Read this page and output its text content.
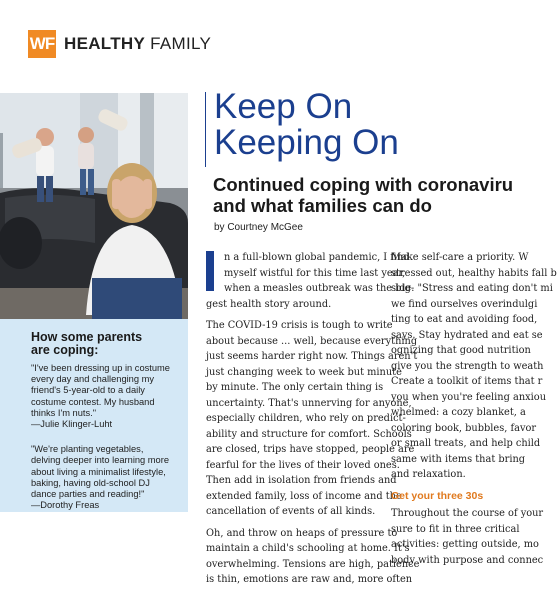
WF HEALTHY FAMILY
How some parents
are coping:

"I've been dressing up in costume

every day and challenging my

friend's 5-year-old to a daily

costume contest. My husband

thinks I'm nuts."

—Julie Klinger-Luht

"We're planting vegetables,

delving deeper into learning more

about living a minimalist lifestyle,

baking, having old-school DJ

dance parties and reading!"

—Dorothy Freas

Keep On
Keeping On
Continued coping with coronaviru
and what families can do

by Courtney McGee

n a full-blown global pandemic, I find
myself wistful for this time last year,
when a measles outbreak was the big-

gest health story around.

The COVID-19 crisis is tough to write
about because ... well, because everything
just seems harder right now. Things aren't
just changing week to week but minute
by minute. The only certain thing is
uncertainty. That's unnerving for anyone,
especially children, who rely on predict-
ability and structure for comfort. Schools
are closed, trips have stopped, people are
fearful for the lives of their loved ones.
Then add in isolation from friends and
extended family, loss of income and the
cancellation of events of all kinds.

Oh, and throw on heaps of pressure to
maintain a child's schooling at home. It's
overwhelming. Tensions are high, patience
is thin, emotions are raw and, more often

Make self-care a priority. W
stressed out, healthy habits fall b
side. "Stress and eating don't mi
we find ourselves overindulgi
ting to eat and avoiding food,
says. Stay hydrated and eat se
ognizing that good nutrition
give you the strength to weath
Create a toolkit of items that r
you when you're feeling anxiou
whelmed: a cozy blanket, a
coloring book, bubbles, favor
or small treats, and help child
same with items that bring
and relaxation.

Get your three 30s

Throughout the course of your
sure to fit in three critical
activities: getting outside, mo
body with purpose and connec
